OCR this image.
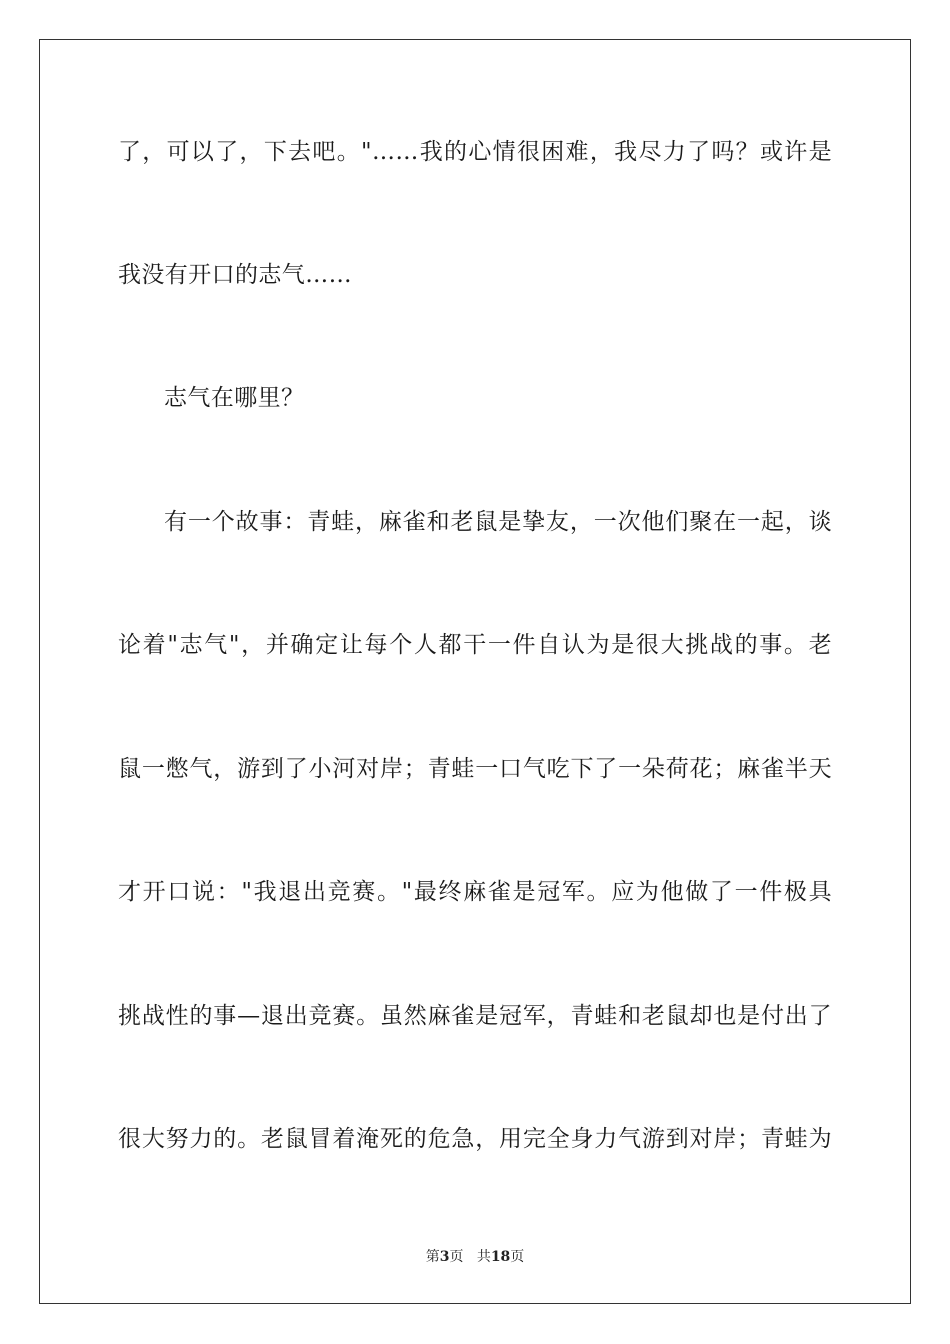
了，可以了，下去吧。"……我的心情很困难，我尽力了吗？或许是
我没有开口的志气……
志气在哪里？
有一个故事：青蛙，麻雀和老鼠是挚友，一次他们聚在一起，谈
论着"志气"，并确定让每个人都干一件自认为是很大挑战的事。老
鼠一憋气，游到了小河对岸；青蛙一口气吃下了一朵荷花；麻雀半天
才开口说："我退出竞赛。"最终麻雀是冠军。应为他做了一件极具
挑战性的事—退出竞赛。虽然麻雀是冠军，青蛙和老鼠却也是付出了
很大努力的。老鼠冒着淹死的危急，用完全身力气游到对岸；青蛙为
第3页 共18页
